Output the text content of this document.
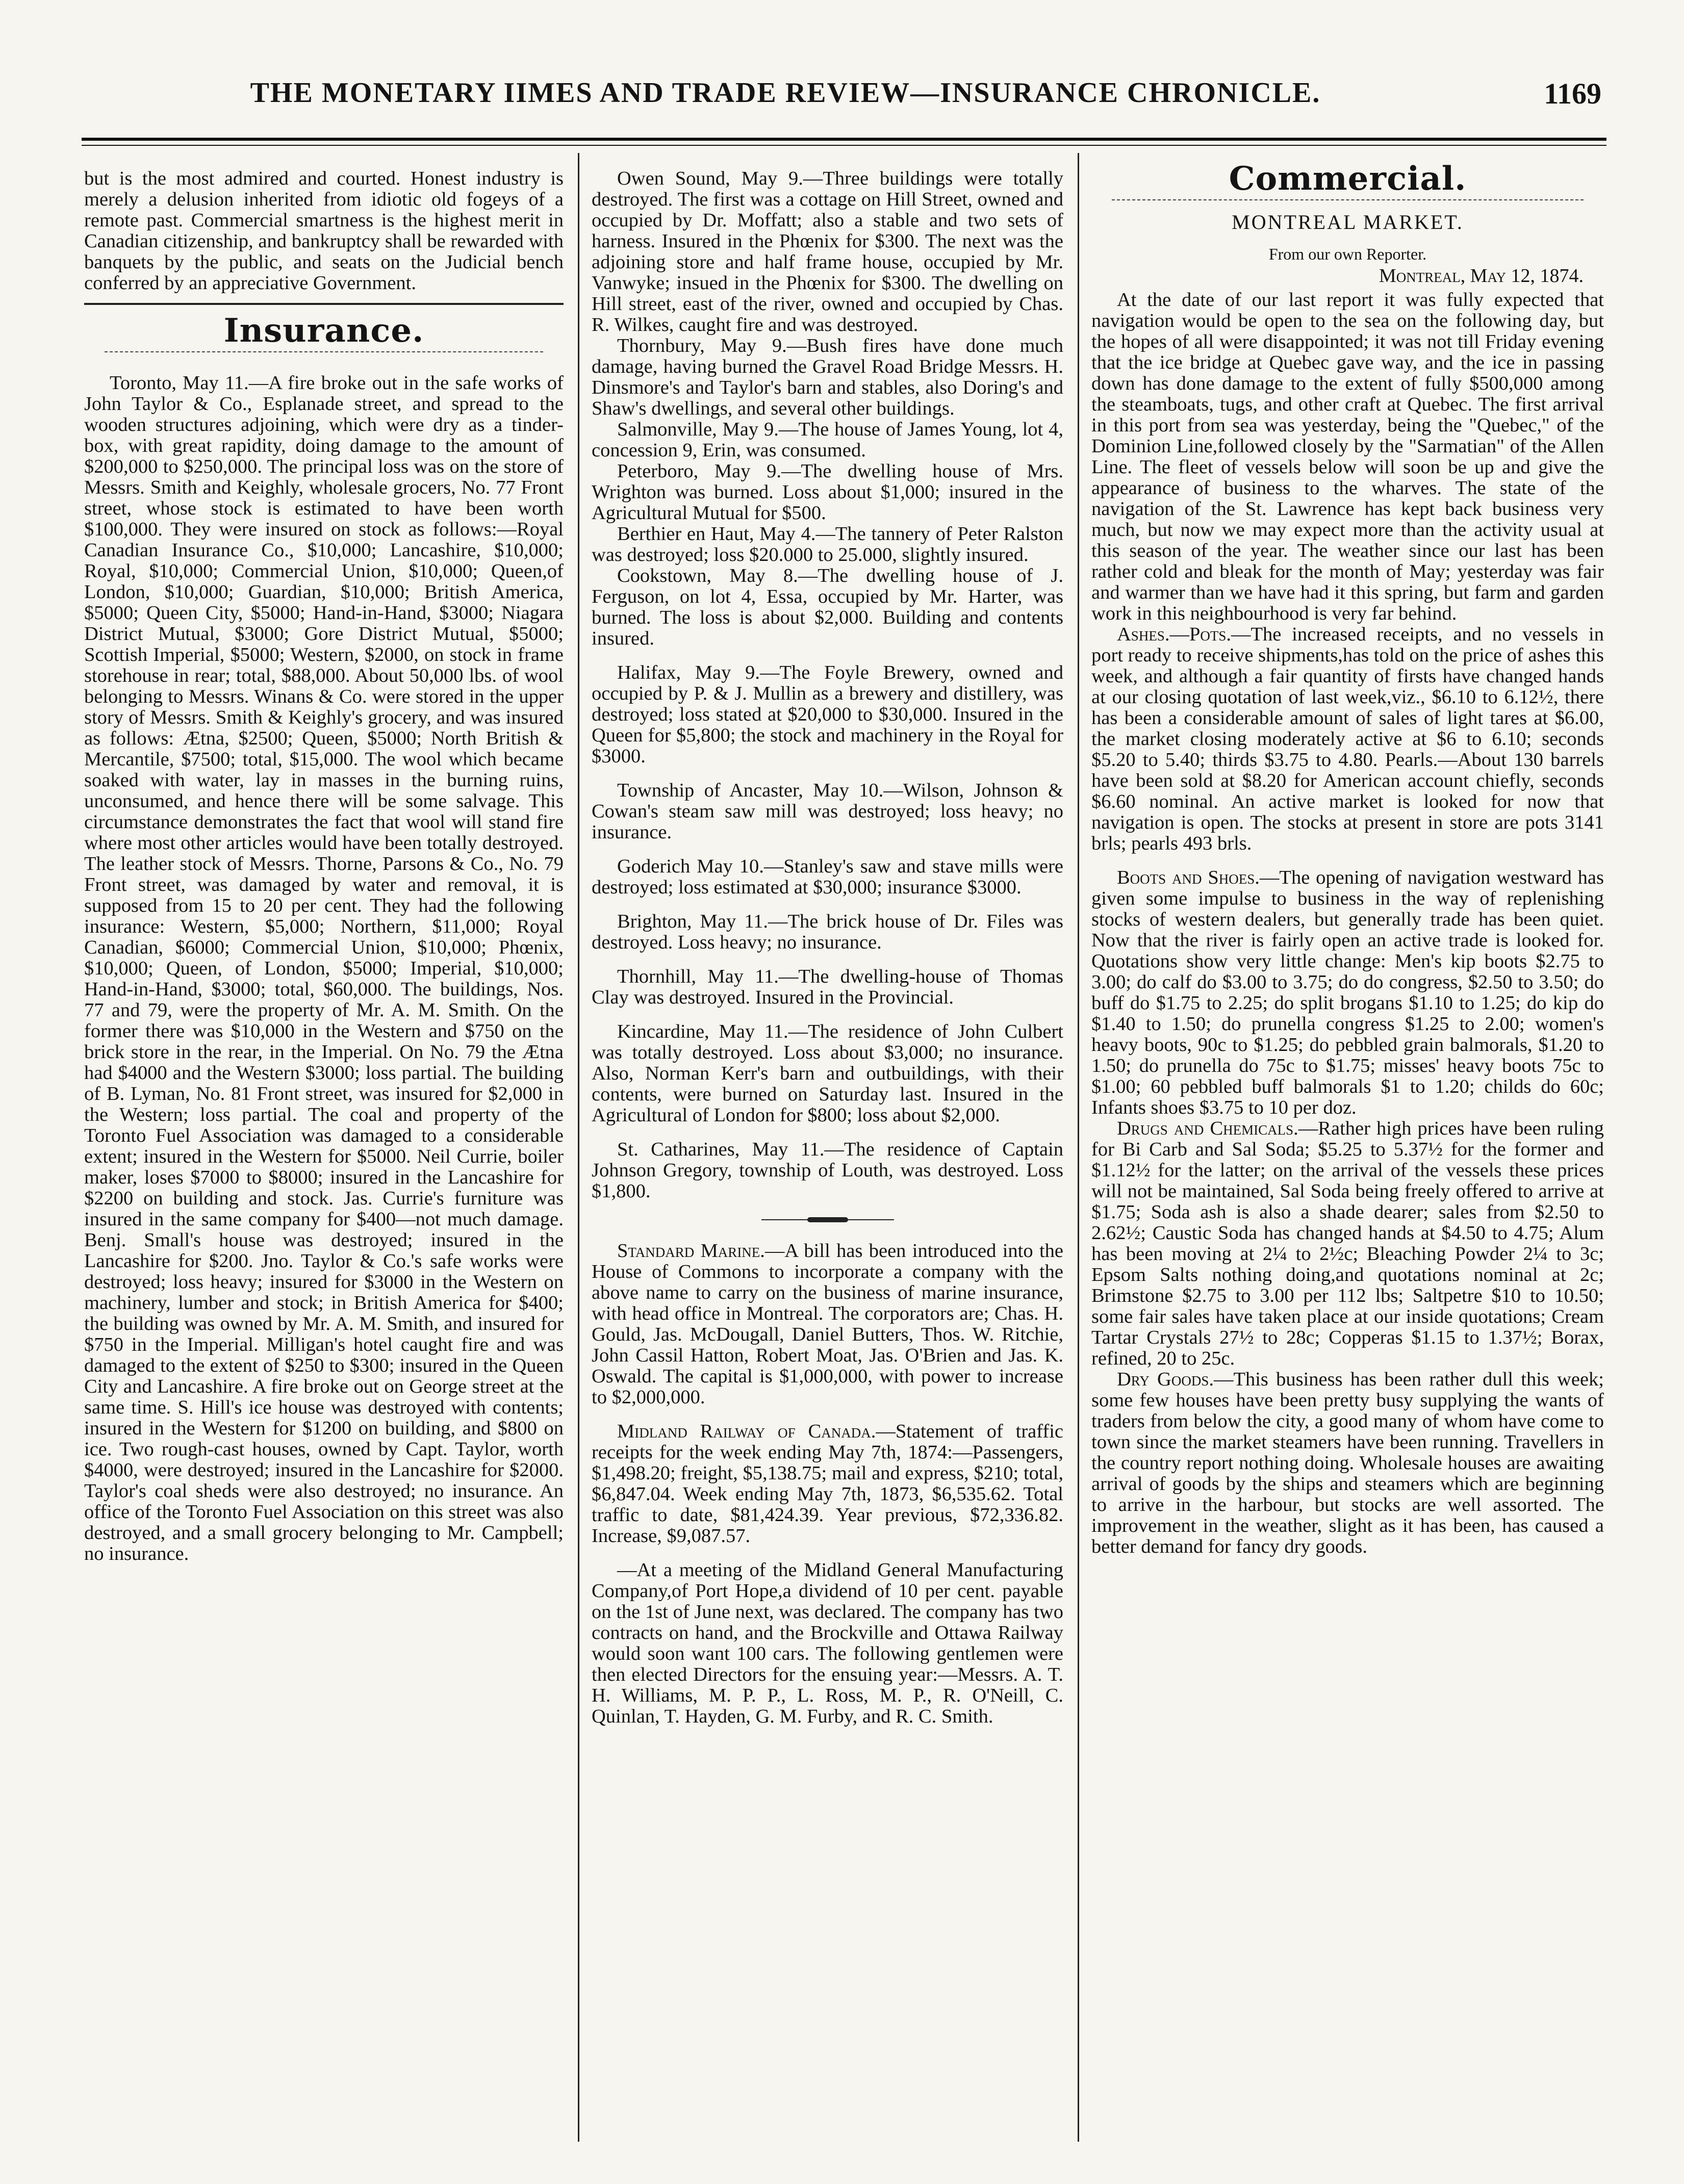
THE MONETARY IIMES AND TRADE REVIEW—INSURANCE CHRONICLE.	1169

but is the most admired and courted. Honest industry is merely a delusion inherited from idiotic old fogeys of a remote past. Commercial smartness is the highest merit in Canadian citizenship, and bankruptcy shall be rewarded with banquets by the public, and seats on the Judicial bench conferred by an appreciative Government.

Insurance.

Toronto, May 11.—A fire broke out in the safe works of John Taylor & Co., Esplanade street, and spread to the wooden structures adjoining, which were dry as a tinder-box, with great rapidity, doing damage to the amount of $200,000 to $250,000. The principal loss was on the store of Messrs. Smith and Keighly, wholesale grocers, No. 77 Front street, whose stock is estimated to have been worth $100,000. They were insured on stock as follows:—Royal Canadian Insurance Co., $10,000; Lancashire, $10,000; Royal, $10,000; Commercial Union, $10,000; Queen,of London, $10,000; Guardian, $10,000; British America, $5000; Queen City, $5000; Hand-in-Hand, $3000; Niagara District Mutual, $3000; Gore District Mutual, $5000; Scottish Imperial, $5000; Western, $2000, on stock in frame storehouse in rear; total, $88,000. About 50,000 lbs. of wool belonging to Messrs. Winans & Co. were stored in the upper story of Messrs. Smith & Keighly's grocery, and was insured as follows: Ætna, $2500; Queen, $5000; North British & Mercantile, $7500; total, $15,000. The wool which became soaked with water, lay in masses in the burning ruins, unconsumed, and hence there will be some salvage. This circumstance demonstrates the fact that wool will stand fire where most other articles would have been totally destroyed. The leather stock of Messrs. Thorne, Parsons & Co., No. 79 Front street, was damaged by water and removal, it is supposed from 15 to 20 per cent. They had the following insurance: Western, $5,000; Northern, $11,000; Royal Canadian, $6000; Commercial Union, $10,000; Phœnix, $10,000; Queen, of London, $5000; Imperial, $10,000; Hand-in-Hand, $3000; total, $60,000. The buildings, Nos. 77 and 79, were the property of Mr. A. M. Smith. On the former there was $10,000 in the Western and $750 on the brick store in the rear, in the Imperial. On No. 79 the Ætna had $4000 and the Western $3000; loss partial. The building of B. Lyman, No. 81 Front street, was insured for $2,000 in the Western; loss partial. The coal and property of the Toronto Fuel Association was damaged to a considerable extent; insured in the Western for $5000. Neil Currie, boiler maker, loses $7000 to $8000; insured in the Lancashire for $2200 on building and stock. Jas. Currie's furniture was insured in the same company for $400—not much damage. Benj. Small's house was destroyed; insured in the Lancashire for $200. Jno. Taylor & Co.'s safe works were destroyed; loss heavy; insured for $3000 in the Western on machinery, lumber and stock; in British America for $400; the building was owned by Mr. A. M. Smith, and insured for $750 in the Imperial. Milligan's hotel caught fire and was damaged to the extent of $250 to $300; insured in the Queen City and Lancashire. A fire broke out on George street at the same time. S. Hill's ice house was destroyed with contents; insured in the Western for $1200 on building, and $800 on ice. Two rough-cast houses, owned by Capt. Taylor, worth $4000, were destroyed; insured in the Lancashire for $2000. Taylor's coal sheds were also destroyed; no insurance. An office of the Toronto Fuel Association on this street was also destroyed, and a small grocery belonging to Mr. Campbell; no insurance.

Owen Sound, May 9.—Three buildings were totally destroyed. The first was a cottage on Hill Street, owned and occupied by Dr. Moffatt; also a stable and two sets of harness. Insured in the Phœnix for $300. The next was the adjoining store and half frame house, occupied by Mr. Vanwyke; insued in the Phœnix for $300. The dwelling on Hill street, east of the river, owned and occupied by Chas. R. Wilkes, caught fire and was destroyed.

Thornbury, May 9.—Bush fires have done much damage, having burned the Gravel Road Bridge Messrs. H. Dinsmore's and Taylor's barn and stables, also Doring's and Shaw's dwellings, and several other buildings.

Salmonville, May 9.—The house of James Young, lot 4, concession 9, Erin, was consumed.

Peterboro, May 9.—The dwelling house of Mrs. Wrighton was burned. Loss about $1,000; insured in the Agricultural Mutual for $500.

Berthier en Haut, May 4.—The tannery of Peter Ralston was destroyed; loss $20.000 to 25.000, slightly insured.

Cookstown, May 8.—The dwelling house of J. Ferguson, on lot 4, Essa, occupied by Mr. Harter, was burned. The loss is about $2,000. Building and contents insured.

Halifax, May 9.—The Foyle Brewery, owned and occupied by P. & J. Mullin as a brewery and distillery, was destroyed; loss stated at $20,000 to $30,000. Insured in the Queen for $5,800; the stock and machinery in the Royal for $3000.

Township of Ancaster, May 10.—Wilson, Johnson & Cowan's steam saw mill was destroyed; loss heavy; no insurance.

Goderich May 10.—Stanley's saw and stave mills were destroyed; loss estimated at $30,000; insurance $3000.

Brighton, May 11.—The brick house of Dr. Files was destroyed. Loss heavy; no insurance.

Thornhill, May 11.—The dwelling-house of Thomas Clay was destroyed. Insured in the Provincial.

Kincardine, May 11.—The residence of John Culbert was totally destroyed. Loss about $3,000; no insurance. Also, Norman Kerr's barn and outbuildings, with their contents, were burned on Saturday last. Insured in the Agricultural of London for $800; loss about $2,000.

St. Catharines, May 11.—The residence of Captain Johnson Gregory, township of Louth, was destroyed. Loss $1,800.

Standard Marine.—A bill has been introduced into the House of Commons to incorporate a company with the above name to carry on the business of marine insurance, with head office in Montreal. The corporators are; Chas. H. Gould, Jas. McDougall, Daniel Butters, Thos. W. Ritchie, John Cassil Hatton, Robert Moat, Jas. O'Brien and Jas. K. Oswald. The capital is $1,000,000, with power to increase to $2,000,000.

Midland Railway of Canada.—Statement of traffic receipts for the week ending May 7th, 1874:—Passengers, $1,498.20; freight, $5,138.75; mail and express, $210; total, $6,847.04. Week ending May 7th, 1873, $6,535.62. Total traffic to date, $81,424.39. Year previous, $72,336.82. Increase, $9,087.57.

—At a meeting of the Midland General Manufacturing Company,of Port Hope,a dividend of 10 per cent. payable on the 1st of June next, was declared. The company has two contracts on hand, and the Brockville and Ottawa Railway would soon want 100 cars. The following gentlemen were then elected Directors for the ensuing year:—Messrs. A. T. H. Williams, M. P. P., L. Ross, M. P., R. O'Neill, C. Quinlan, T. Hayden, G. M. Furby, and R. C. Smith.

Commercial.
MONTREAL MARKET.
From our own Reporter.
Montreal, May 12, 1874.

At the date of our last report it was fully expected that navigation would be open to the sea on the following day, but the hopes of all were disappointed; it was not till Friday evening that the ice bridge at Quebec gave way, and the ice in passing down has done damage to the extent of fully $500,000 among the steamboats, tugs, and other craft at Quebec. The first arrival in this port from sea was yesterday, being the "Quebec," of the Dominion Line,followed closely by the "Sarmatian" of the Allen Line. The fleet of vessels below will soon be up and give the appearance of business to the wharves. The state of the navigation of the St. Lawrence has kept back business very much, but now we may expect more than the activity usual at this season of the year. The weather since our last has been rather cold and bleak for the month of May; yesterday was fair and warmer than we have had it this spring, but farm and garden work in this neighbourhood is very far behind.

Ashes.—Pots.—The increased receipts, and no vessels in port ready to receive shipments,has told on the price of ashes this week, and although a fair quantity of firsts have changed hands at our closing quotation of last week,viz., $6.10 to 6.12½, there has been a considerable amount of sales of light tares at $6.00, the market closing moderately active at $6 to 6.10; seconds $5.20 to 5.40; thirds $3.75 to 4.80. Pearls.—About 130 barrels have been sold at $8.20 for American account chiefly, seconds $6.60 nominal. An active market is looked for now that navigation is open. The stocks at present in store are pots 3141 brls; pearls 493 brls.

Boots and Shoes.—The opening of navigation westward has given some impulse to business in the way of replenishing stocks of western dealers, but generally trade has been quiet. Now that the river is fairly open an active trade is looked for. Quotations show very little change: Men's kip boots $2.75 to 3.00; do calf do $3.00 to 3.75; do do congress, $2.50 to 3.50; do buff do $1.75 to 2.25; do split brogans $1.10 to 1.25; do kip do $1.40 to 1.50; do prunella congress $1.25 to 2.00; women's heavy boots, 90c to $1.25; do pebbled grain balmorals, $1.20 to 1.50; do prunella do 75c to $1.75; misses' heavy boots 75c to $1.00; 60 pebbled buff balmorals $1 to 1.20; childs do 60c; Infants shoes $3.75 to 10 per doz.

Drugs and Chemicals.—Rather high prices have been ruling for Bi Carb and Sal Soda; $5.25 to 5.37½ for the former and $1.12½ for the latter; on the arrival of the vessels these prices will not be maintained, Sal Soda being freely offered to arrive at $1.75; Soda ash is also a shade dearer; sales from $2.50 to 2.62½; Caustic Soda has changed hands at $4.50 to 4.75; Alum has been moving at 2¼ to 2½c; Bleaching Powder 2¼ to 3c; Epsom Salts nothing doing,and quotations nominal at 2c; Brimstone $2.75 to 3.00 per 112 lbs; Saltpetre $10 to 10.50; some fair sales have taken place at our inside quotations; Cream Tartar Crystals 27½ to 28c; Copperas $1.15 to 1.37½; Borax, refined, 20 to 25c.

Dry Goods.—This business has been rather dull this week; some few houses have been pretty busy supplying the wants of traders from below the city, a good many of whom have come to town since the market steamers have been running. Travellers in the country report nothing doing. Wholesale houses are awaiting arrival of goods by the ships and steamers which are beginning to arrive in the harbour, but stocks are well assorted. The improvement in the weather, slight as it has been, has caused a better demand for fancy dry goods.
